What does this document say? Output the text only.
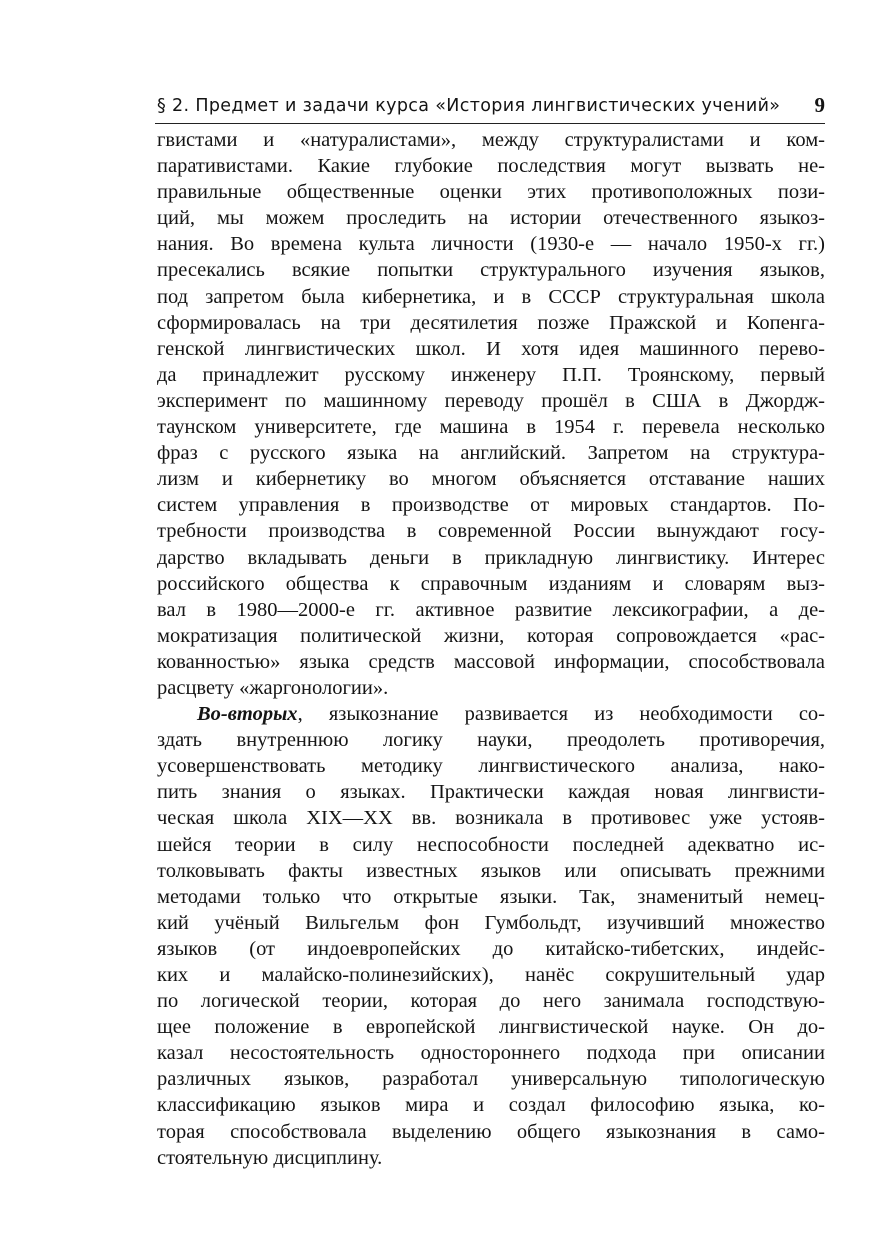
§ 2. Предмет и задачи курса «История лингвистических учений» 9
гвистами и «натуралистами», между структуралистами и ком-
паративистами. Какие глубокие последствия могут вызвать не-
правильные общественные оценки этих противоположных пози-
ций, мы можем проследить на истории отечественного языкоз-
нания. Во времена культа личности (1930-е — начало 1950-х гг.)
пресекались всякие попытки структурального изучения языков,
под запретом была кибернетика, и в СССР структуральная школа
сформировалась на три десятилетия позже Пражской и Копенга-
генской лингвистических школ. И хотя идея машинного перево-
да принадлежит русскому инженеру П.П. Троянскому, первый
эксперимент по машинному переводу прошёл в США в Джордж-
таунском университете, где машина в 1954 г. перевела несколько
фраз с русского языка на английский. Запретом на структура-
лизм и кибернетику во многом объясняется отставание наших
систем управления в производстве от мировых стандартов. По-
требности производства в современной России вынуждают госу-
дарство вкладывать деньги в прикладную лингвистику. Интерес
российского общества к справочным изданиям и словарям выз-
вал в 1980—2000-е гг. активное развитие лексикографии, а де-
мократизация политической жизни, которая сопровождается «рас-
кованностью» языка средств массовой информации, способствовала
расцвету «жаргонологии».
Во-вторых, языкознание развивается из необходимости со-
здать внутреннюю логику науки, преодолеть противоречия,
усовершенствовать методику лингвистического анализа, нако-
пить знания о языках. Практически каждая новая лингвисти-
ческая школа XIX—XX вв. возникала в противовес уже устояв-
шейся теории в силу неспособности последней адекватно ис-
толковывать факты известных языков или описывать прежними
методами только что открытые языки. Так, знаменитый немец-
кий учёный Вильгельм фон Гумбольдт, изучивший множество
языков (от индоевропейских до китайско-тибетских, индейс-
ких и малайско-полинезийских), нанёс сокрушительный удар
по логической теории, которая до него занимала господствую-
щее положение в европейской лингвистической науке. Он до-
казал несостоятельность одностороннего подхода при описании
различных языков, разработал универсальную типологическую
классификацию языков мира и создал философию языка, ко-
торая способствовала выделению общего языкознания в само-
стоятельную дисциплину.
